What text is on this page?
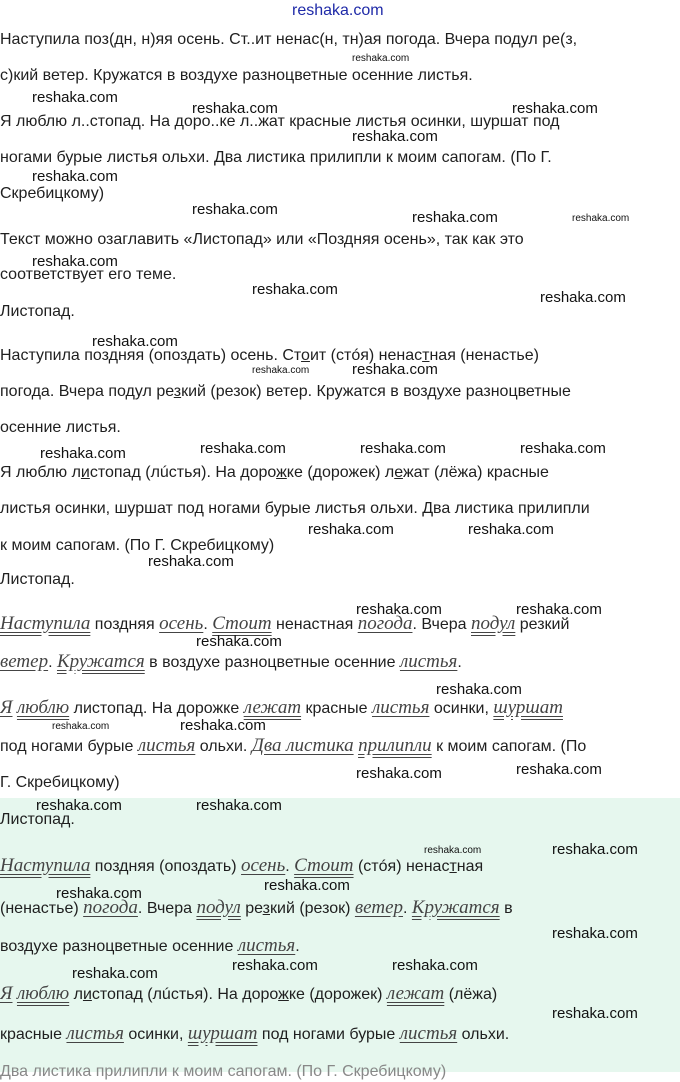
reshaka.com
Наступила поз(дн, н)яя осень. Ст..ит ненас(н, тн)ая погода. Вчера подул ре(з,
с)кий ветер. Кружатся в воздухе разноцветные осенние листья.
Я люблю л..стопад. На доро..ке л..жат красные листья осинки, шуршат под
ногами бурые листья ольхи. Два листика прилипли к моим сапогам. (По Г.
Скребицкому)
Текст можно озаглавить «Листопад» или «Поздняя осень», так как это
соответствует его теме.
Листопад.
Наступила поздняя (опоздать) осень. Стоит (стóя) ненастная (ненастье)
погода. Вчера подул резкий (резок) ветер. Кружатся в воздухе разноцветные
осенние листья.
Я люблю листопад (лúстья). На дорожке (дорожек) лежат (лёжа) красные
листья осинки, шуршат под ногами бурые листья ольхи. Два листика прилипли
к моим сапогам. (По Г. Скребицкому)
Листопад.
Наступила поздняя осень. Стоит ненастная погода. Вчера подул резкий
ветер. Кружатся в воздухе разноцветные осенние листья.
Я люблю листопад. На дорожке лежат красные листья осинки, шуршат
под ногами бурые листья ольхи. Два листика прилипли к моим сапогам. (По
Г. Скребицкому)
Листопад.
Наступила поздняя (опоздать) осень. Стоит (стóя) ненастная
(ненастье) погода. Вчера подул резкий (резок) ветер. Кружатся в
воздухе разноцветные осенние листья.
Я люблю листопад (лúстья). На дорожке (дорожек) лежат (лёжа)
красные листья осинки, шуршат под ногами бурые листья ольхи.
Два листика прилипли к моим сапогам. (По Г. Скребицкому)
reshaka.com
reshaka.com
reshaka.com	reshaka.com
reshaka.com
reshaka.com
reshaka.com	reshaka.com	reshaka.com
reshaka.com
reshaka.com	reshaka.com
reshaka.com
reshaka.com	reshaka.com
reshaka.com	reshaka.com	reshaka.com	reshaka.com
reshaka.com	reshaka.com
reshaka.com
reshaka.com	reshaka.com
reshaka.com
reshaka.com
reshaka.com	reshaka.com
reshaka.com	reshaka.com
reshaka.com	reshaka.com
reshaka.com	reshaka.com
reshaka.com
reshaka.com
reshaka.com
reshaka.com	reshaka.com
reshaka.com
reshaka.com
